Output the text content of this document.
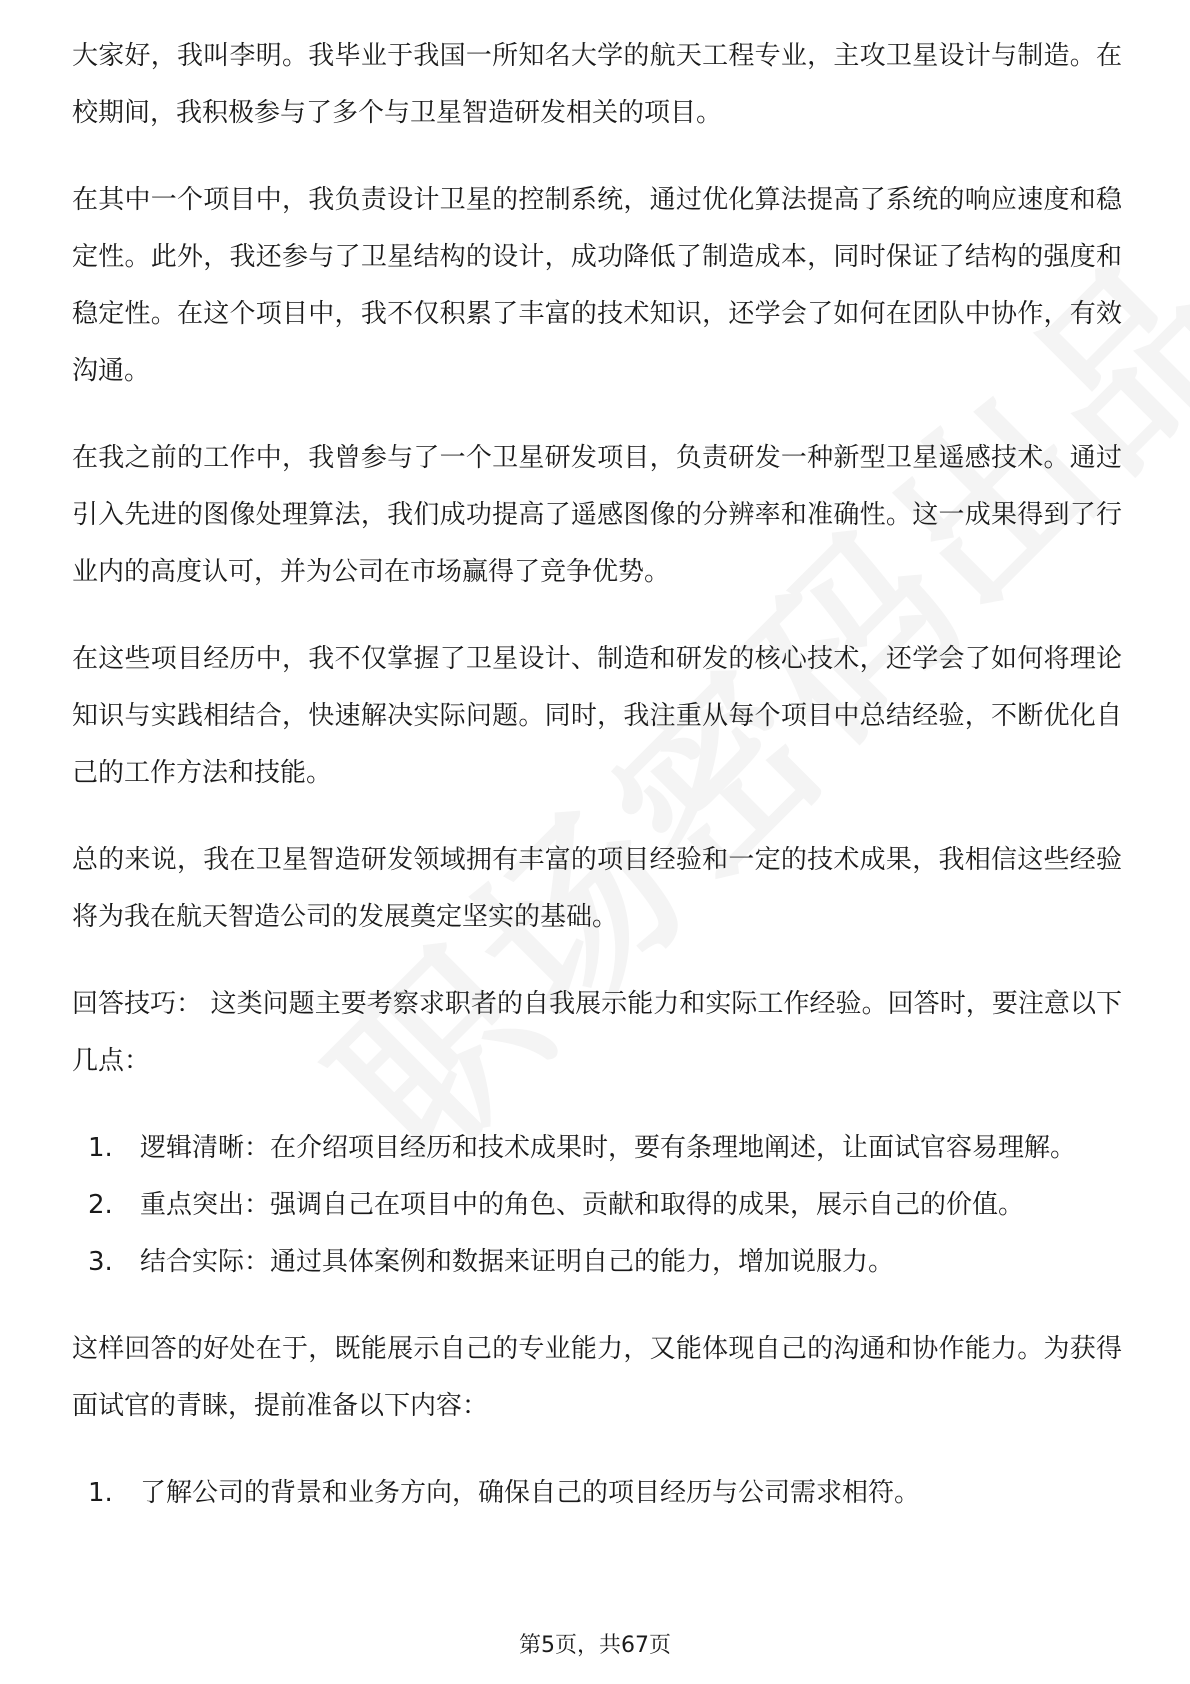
大家好，我叫李明。我毕业于我国一所知名大学的航天工程专业，主攻卫星设计与制造。在校期间，我积极参与了多个与卫星智造研发相关的项目。

在其中一个项目中，我负责设计卫星的控制系统，通过优化算法提高了系统的响应速度和稳定性。此外，我还参与了卫星结构的设计，成功降低了制造成本，同时保证了结构的强度和稳定性。在这个项目中，我不仅积累了丰富的技术知识，还学会了如何在团队中协作，有效沟通。

在我之前的工作中，我曾参与了一个卫星研发项目，负责研发一种新型卫星遥感技术。通过引入先进的图像处理算法，我们成功提高了遥感图像的分辨率和准确性。这一成果得到了行业内的高度认可，并为公司在市场赢得了竞争优势。

在这些项目经历中，我不仅掌握了卫星设计、制造和研发的核心技术，还学会了如何将理论知识与实践相结合，快速解决实际问题。同时，我注重从每个项目中总结经验，不断优化自己的工作方法和技能。

总的来说，我在卫星智造研发领域拥有丰富的项目经验和一定的技术成果，我相信这些经验将为我在航天智造公司的发展奠定坚实的基础。

回答技巧： 这类问题主要考察求职者的自我展示能力和实际工作经验。回答时，要注意以下几点：

1.	逻辑清晰：在介绍项目经历和技术成果时，要有条理地阐述，让面试官容易理解。
2.	重点突出：强调自己在项目中的角色、贡献和取得的成果，展示自己的价值。
3.	结合实际：通过具体案例和数据来证明自己的能力，增加说服力。

这样回答的好处在于，既能展示自己的专业能力，又能体现自己的沟通和协作能力。为获得面试官的青睐，提前准备以下内容：

1.	了解公司的背景和业务方向，确保自己的项目经历与公司需求相符。
第5页，共67页
